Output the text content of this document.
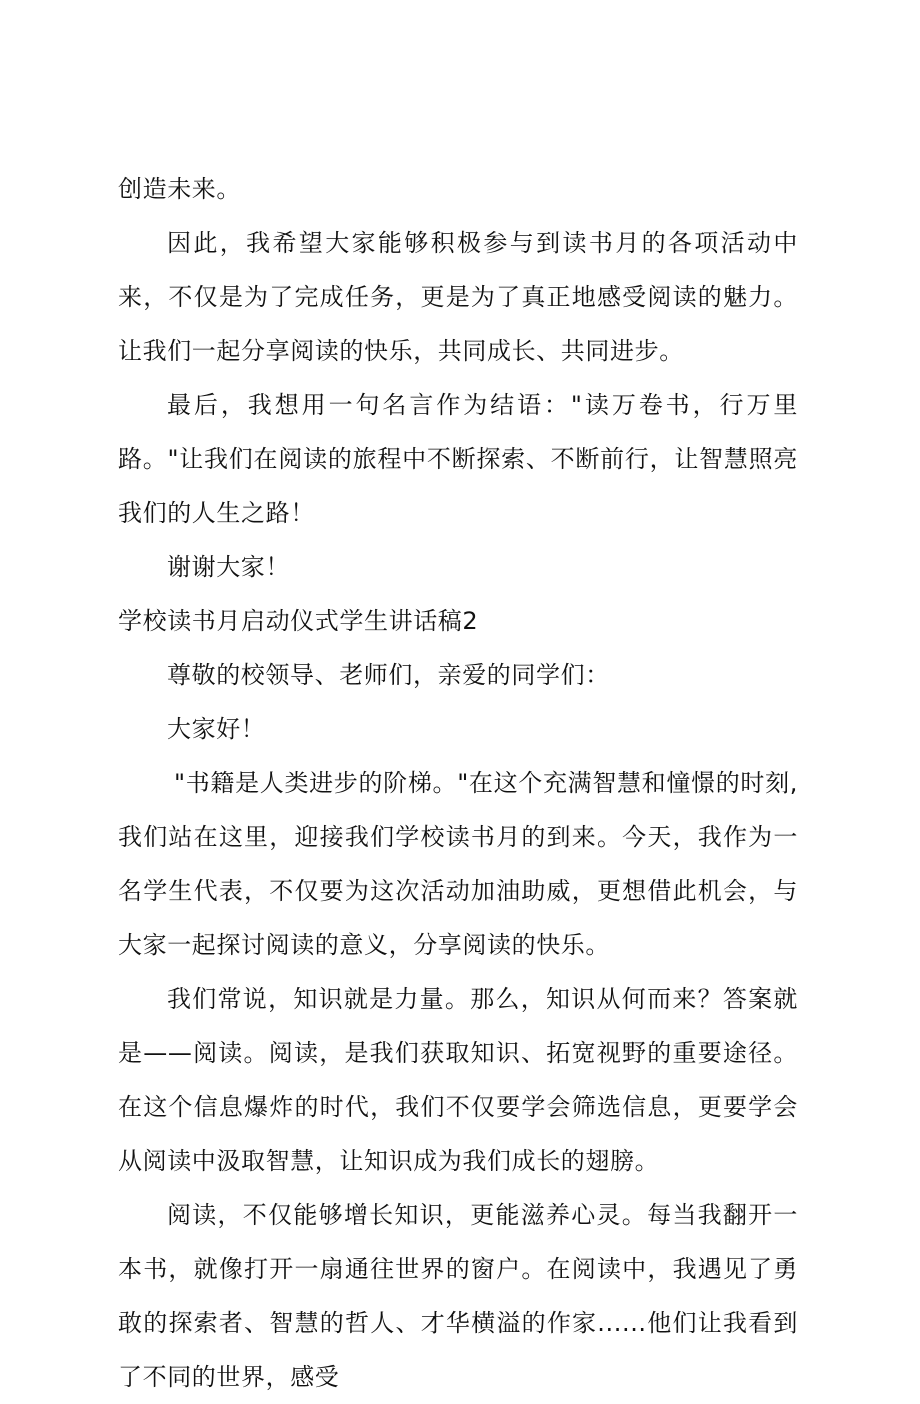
创造未来。

因此，我希望大家能够积极参与到读书月的各项活动中来，不仅是为了完成任务，更是为了真正地感受阅读的魅力。让我们一起分享阅读的快乐，共同成长、共同进步。

最后，我想用一句名言作为结语："读万卷书，行万里路。"让我们在阅读的旅程中不断探索、不断前行，让智慧照亮我们的人生之路！

谢谢大家！

学校读书月启动仪式学生讲话稿2

尊敬的校领导、老师们，亲爱的同学们：

大家好！

"书籍是人类进步的阶梯。"在这个充满智慧和憧憬的时刻,我们站在这里，迎接我们学校读书月的到来。今天，我作为一名学生代表，不仅要为这次活动加油助威，更想借此机会，与大家一起探讨阅读的意义，分享阅读的快乐。

我们常说，知识就是力量。那么，知识从何而来？答案就是——阅读。阅读，是我们获取知识、拓宽视野的重要途径。在这个信息爆炸的时代，我们不仅要学会筛选信息，更要学会从阅读中汲取智慧，让知识成为我们成长的翅膀。

阅读，不仅能够增长知识，更能滋养心灵。每当我翻开一本书，就像打开一扇通往世界的窗户。在阅读中，我遇见了勇敢的探索者、智慧的哲人、才华横溢的作家......他们让我看到了不同的世界，感受
